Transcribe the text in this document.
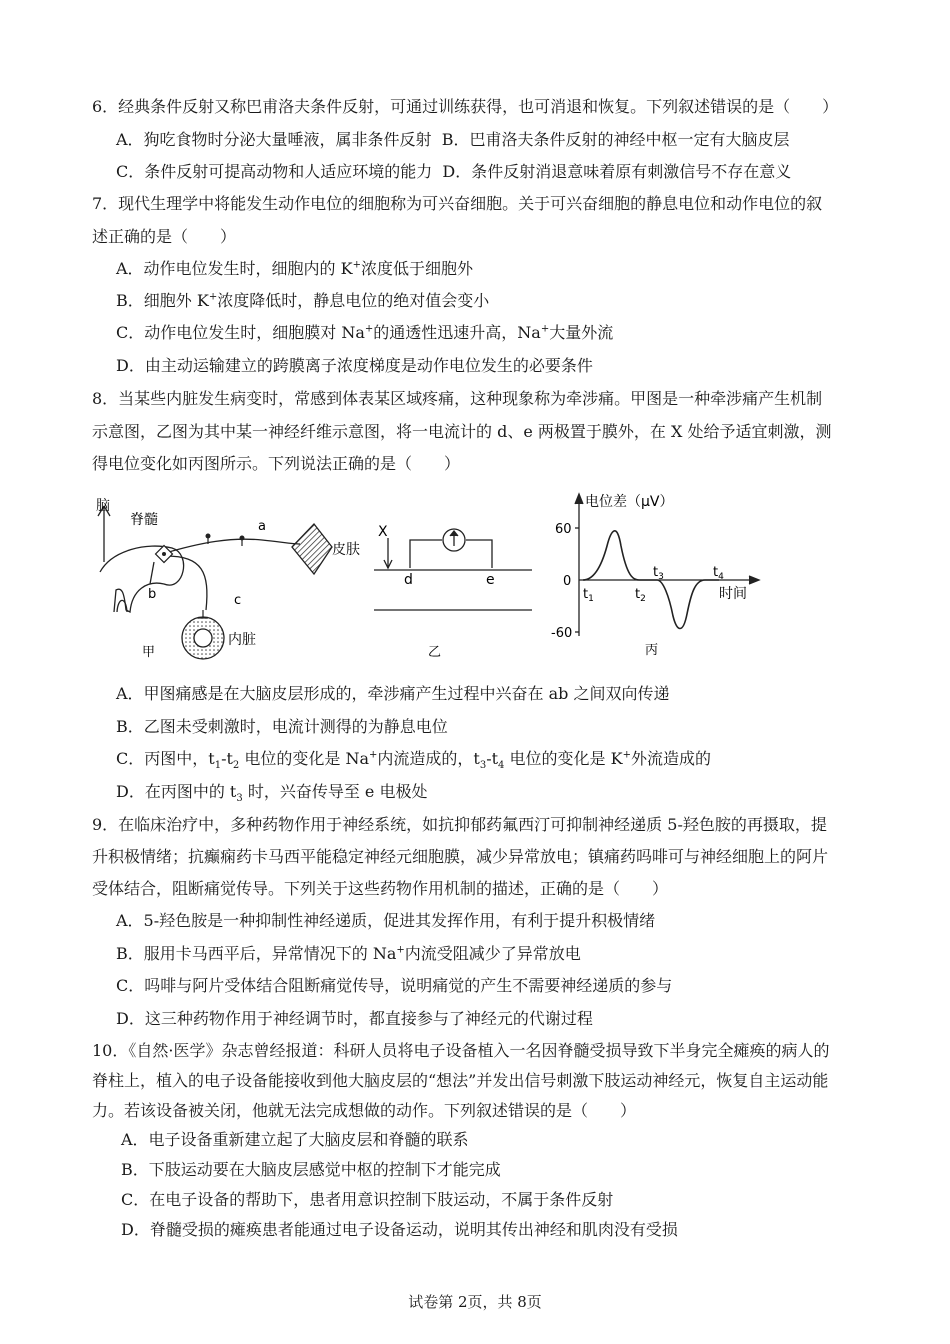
6．经典条件反射又称巴甫洛夫条件反射，可通过训练获得，也可消退和恢复。下列叙述错误的是（　　）
A．狗吃食物时分泌大量唾液，属非条件反射 B．巴甫洛夫条件反射的神经中枢一定有大脑皮层
C．条件反射可提高动物和人适应环境的能力 D．条件反射消退意味着原有刺激信号不存在意义
7．现代生理学中将能发生动作电位的细胞称为可兴奋细胞。关于可兴奋细胞的静息电位和动作电位的叙
述正确的是（　　）
A．动作电位发生时，细胞内的 K+浓度低于细胞外
B．细胞外 K+浓度降低时，静息电位的绝对值会变小
C．动作电位发生时，细胞膜对 Na+的通透性迅速升高，Na+大量外流
D．由主动运输建立的跨膜离子浓度梯度是动作电位发生的必要条件
8．当某些内脏发生病变时，常感到体表某区域疼痛，这种现象称为牵涉痛。甲图是一种牵涉痛产生机制
示意图，乙图为其中某一神经纤维示意图，将一电流计的 d、e 两极置于膜外，在 X 处给予适宜刺激，测
得电位变化如丙图所示。下列说法正确的是（　　）
脑
脊髓	a
b	c
皮肤
内脏
甲
X
d	e
乙
电位差（μV）
60
0
-60
$t_1$	$t_2$
$t_3$	$t_4$
时间
丙
A．甲图痛感是在大脑皮层形成的，牵涉痛产生过程中兴奋在 ab 之间双向传递
B．乙图未受刺激时，电流计测得的为静息电位
C．丙图中，$t_1-t_2$ 电位的变化是 Na+内流造成的，$t_3-t_4$ 电位的变化是 K+外流造成的
D．在丙图中的 $t_3$ 时，兴奋传导至 e 电极处
9．在临床治疗中，多种药物作用于神经系统，如抗抑郁药氟西汀可抑制神经递质 5-羟色胺的再摄取，提
升积极情绪；抗癫痫药卡马西平能稳定神经元细胞膜，减少异常放电；镇痛药吗啡可与神经细胞上的阿片
受体结合，阻断痛觉传导。下列关于这些药物作用机制的描述，正确的是（　　）
A．5-羟色胺是一种抑制性神经递质，促进其发挥作用，有利于提升积极情绪
B．服用卡马西平后，异常情况下的 Na+内流受阻减少了异常放电
C．吗啡与阿片受体结合阻断痛觉传导，说明痛觉的产生不需要神经递质的参与
D．这三种药物作用于神经调节时，都直接参与了神经元的代谢过程
10．《自然·医学》杂志曾经报道：科研人员将电子设备植入一名因脊髓受损导致下半身完全瘫痪的病人的
脊柱上，植入的电子设备能接收到他大脑皮层的“想法”并发出信号刺激下肢运动神经元，恢复自主运动能
力。若该设备被关闭，他就无法完成想做的动作。下列叙述错误的是（　　）
A．电子设备重新建立起了大脑皮层和脊髓的联系
B．下肢运动要在大脑皮层感觉中枢的控制下才能完成
C．在电子设备的帮助下，患者用意识控制下肢运动，不属于条件反射
D．脊髓受损的瘫痪患者能通过电子设备运动，说明其传出神经和肌肉没有受损
试卷第 2页，共 8页
